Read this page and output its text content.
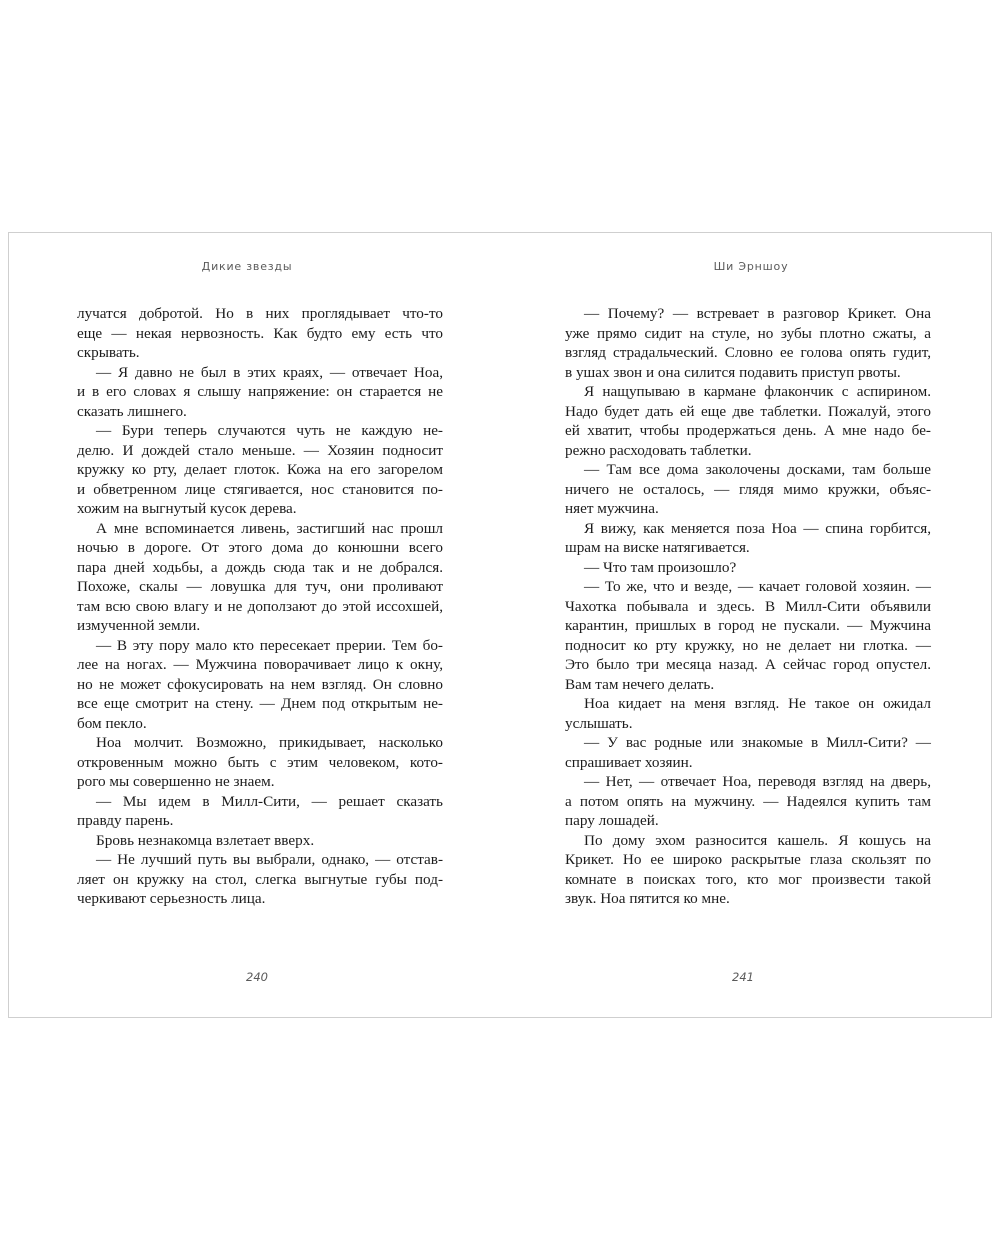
Дикие звезды
лучатся добротой. Но в них проглядывает что-то
еще — некая нервозность. Как будто ему есть что
скрывать.
— Я давно не был в этих краях, — отвечает Ноа,
и в его словах я слышу напряжение: он старается не
сказать лишнего.
— Бури теперь случаются чуть не каждую не-
делю. И дождей стало меньше. — Хозяин подносит
кружку ко рту, делает глоток. Кожа на его загорелом
и обветренном лице стягивается, нос становится по-
хожим на выгнутый кусок дерева.
А мне вспоминается ливень, застигший нас прошл
ночью в дороге. От этого дома до конюшни всего
пара дней ходьбы, а дождь сюда так и не добрался.
Похоже, скалы — ловушка для туч, они проливают
там всю свою влагу и не доползают до этой иссохшей,
измученной земли.
— В эту пору мало кто пересекает прерии. Тем бо-
лее на ногах. — Мужчина поворачивает лицо к окну,
но не может сфокусировать на нем взгляд. Он словно
все еще смотрит на стену. — Днем под открытым не-
бом пекло.
Ноа молчит. Возможно, прикидывает, насколько
откровенным можно быть с этим человеком, кото-
рого мы совершенно не знаем.
— Мы идем в Милл-Сити, — решает сказать
правду парень.
Бровь незнакомца взлетает вверх.
— Не лучший путь вы выбрали, однако, — отстав-
ляет он кружку на стол, слегка выгнутые губы под-
черкивают серьезность лица.
240
Ши Эрншоу
— Почему? — встревает в разговор Крикет. Она
уже прямо сидит на стуле, но зубы плотно сжаты, а
взгляд страдальческий. Словно ее голова опять гудит,
в ушах звон и она силится подавить приступ рвоты.
Я нащупываю в кармане флакончик с аспирином.
Надо будет дать ей еще две таблетки. Пожалуй, этого
ей хватит, чтобы продержаться день. А мне надо бе-
режно расходовать таблетки.
— Там все дома заколочены досками, там больше
ничего не осталось, — глядя мимо кружки, объяс-
няет мужчина.
Я вижу, как меняется поза Ноа — спина горбится,
шрам на виске натягивается.
— Что там произошло?
— То же, что и везде, — качает головой хозяин. —
Чахотка побывала и здесь. В Милл-Сити объявили
карантин, пришлых в город не пускали. — Мужчина
подносит ко рту кружку, но не делает ни глотка. —
Это было три месяца назад. А сейчас город опустел.
Вам там нечего делать.
Ноа кидает на меня взгляд. Не такое он ожидал
услышать.
— У вас родные или знакомые в Милл-Сити? —
спрашивает хозяин.
— Нет, — отвечает Ноа, переводя взгляд на дверь,
а потом опять на мужчину. — Надеялся купить там
пару лошадей.
По дому эхом разносится кашель. Я кошусь на
Крикет. Но ее широко раскрытые глаза скользят по
комнате в поисках того, кто мог произвести такой
звук. Ноа пятится ко мне.
241
